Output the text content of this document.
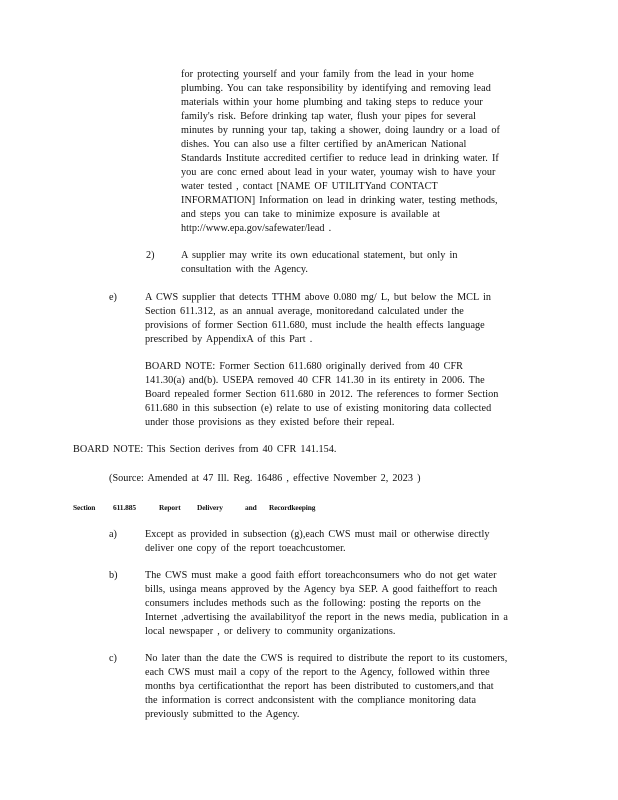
for protecting yourself and your family from the lead in your home
plumbing. You can take responsibility by identifying and removing lead
materials within your home plumbing and taking steps to reduce your
family's risk. Before drinking tap water, flush your pipes for several
minutes by running your tap, taking a shower, doing laundry or a load of
dishes. You can also use a filter certified by anAmerican National
Standards Institute accredited certifier to reduce lead in drinking water. If
you are conc erned about lead in your water, youmay wish to have your
water tested , contact [NAME OF UTILITYand CONTACT
INFORMATION] Information on lead in drinking water, testing methods,
and steps you can take to minimize exposure is available at
http://www.epa.gov/safewater/lead .
2)	A supplier may write its own educational statement, but only in
consultation with the Agency.
e)	A CWS supplier that detects TTHM above 0.080 mg/ L, but below the MCL in
Section 611.312, as an annual average, monitoredand calculated under the
provisions of former Section 611.680, must include the health effects language
prescribed by AppendixA of this Part .
BOARD NOTE: Former Section 611.680 originally derived from 40 CFR
141.30(a) and(b). USEPA removed 40 CFR 141.30 in its entirety in 2006. The
Board repealed former Section 611.680 in 2012. The references to former Section
611.680 in this subsection (e) relate to use of existing monitoring data collected
under those provisions as they existed before their repeal.
BOARD NOTE: This Section derives from 40 CFR 141.154.
(Source: Amended at 47 Ill. Reg. 16486 , effective November 2, 2023 )
Section 611.885	Report Delivery	and Recordkeeping
a)	Except as provided in subsection (g),each CWS must mail or otherwise directly
deliver one copy of the report toeachcustomer.
b)	The CWS must make a good faith effort toreachconsumers who do not get water
bills, usinga means approved by the Agency bya SEP. A good faitheffort to reach
consumers includes methods such as the following: posting the reports on the
Internet ,advertising the availabilityof the report in the news media, publication in a
local newspaper , or delivery to community organizations.
c)	No later than the date the CWS is required to distribute the report to its customers,
each CWS must mail a copy of the report to the Agency, followed within three
months bya certificationthat the report has been distributed to customers,and that
the information is correct andconsistent with the compliance monitoring data
previously submitted to the Agency.
